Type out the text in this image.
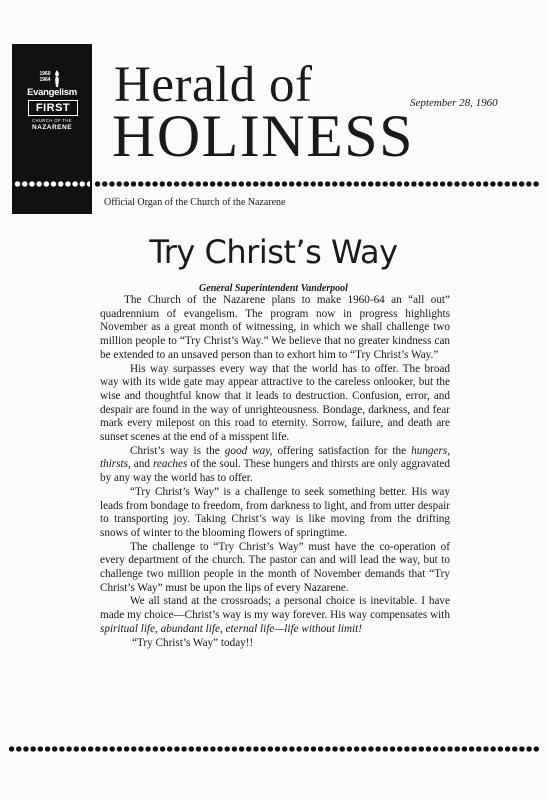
1960
1964
Evangelism
FIRST
CHURCH OF THE
NAZARENE
Herald of
HOLINESS
September 28, 1960
Official Organ of the Church of the Nazarene
Try Christ’s Way
General Superintendent Vanderpool

The Church of the Nazarene plans to make 1960-64 an “all out” quadrennium of evangelism. The program now in progress highlights November as a great month of witnessing, in which we shall challenge two million people to “Try Christ’s Way.” We believe that no greater kindness can be extended to an unsaved person than to exhort him to “Try Christ’s Way.”

His way surpasses every way that the world has to offer. The broad way with its wide gate may appear attractive to the careless onlooker, but the wise and thoughtful know that it leads to destruction. Confusion, error, and despair are found in the way of unrighteousness. Bondage, darkness, and fear mark every milepost on this road to eternity. Sorrow, failure, and death are sunset scenes at the end of a misspent life.

Christ’s way is the good way, offering satisfaction for the hungers, thirsts, and reaches of the soul. These hungers and thirsts are only aggravated by any way the world has to offer.

“Try Christ’s Way” is a challenge to seek something better. His way leads from bondage to freedom, from darkness to light, and from utter despair to transporting joy. Taking Christ’s way is like moving from the drifting snows of winter to the blooming flowers of springtime.

The challenge to “Try Christ’s Way” must have the co-operation of every department of the church. The pastor can and will lead the way, but to challenge two million people in the month of November demands that “Try Christ’s Way” must be upon the lips of every Nazarene.

We all stand at the crossroads; a personal choice is inevitable. I have made my choice—Christ’s way is my way forever. His way compensates with spiritual life, abundant life, eternal life—life without limit!

“Try Christ’s Way” today!!
